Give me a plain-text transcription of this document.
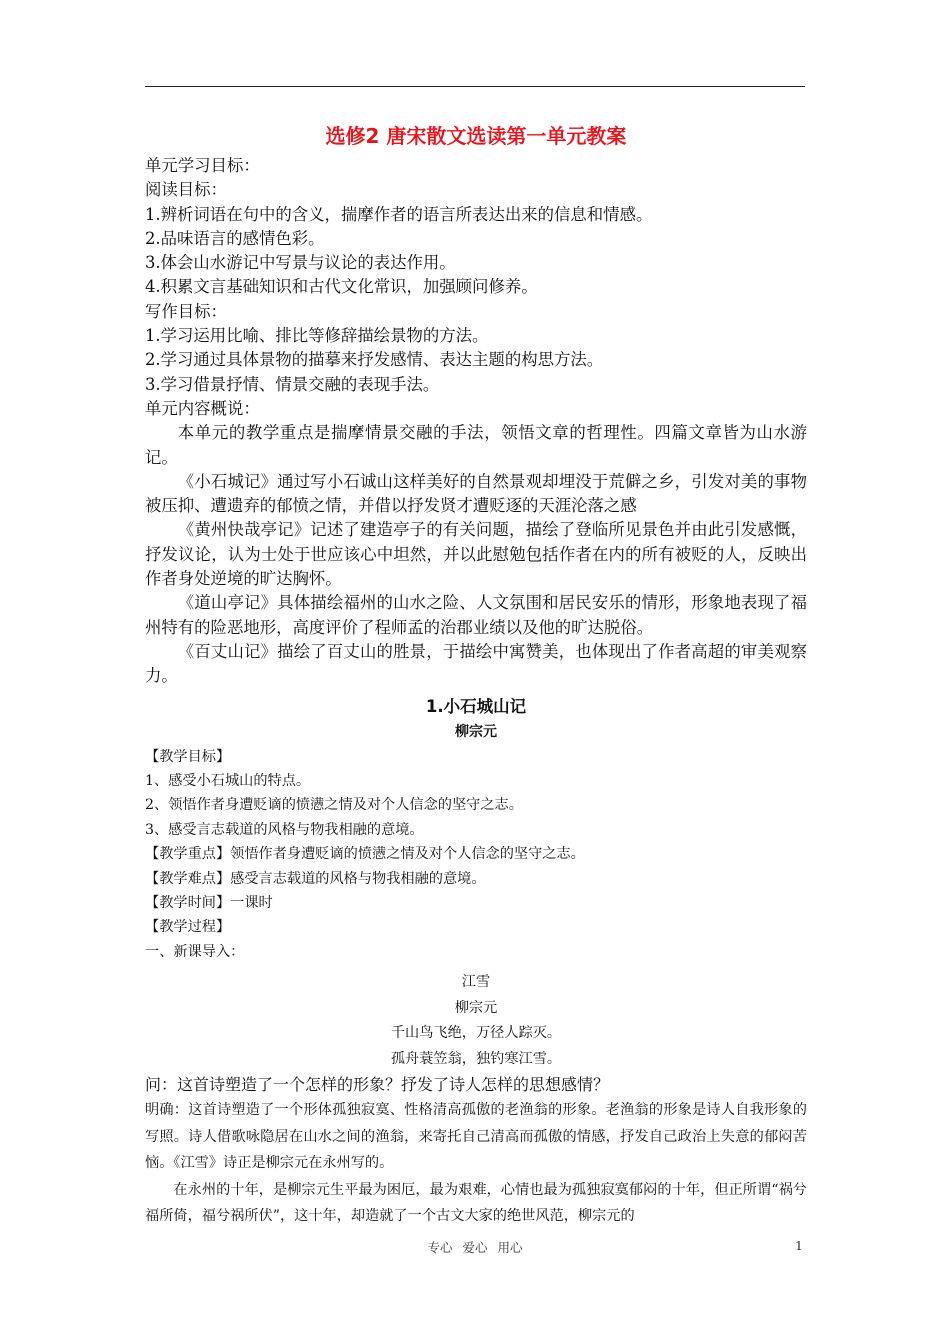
选修2 唐宋散文选读第一单元教案

单元学习目标：

阅读目标：

1.辨析词语在句中的含义，揣摩作者的语言所表达出来的信息和情感。

2.品味语言的感情色彩。

3.体会山水游记中写景与议论的表达作用。

4.积累文言基础知识和古代文化常识，加强顾问修养。

写作目标：

1.学习运用比喻、排比等修辞描绘景物的方法。

2.学习通过具体景物的描摹来抒发感情、表达主题的构思方法。

3.学习借景抒情、情景交融的表现手法。

单元内容概说：

本单元的教学重点是揣摩情景交融的手法，领悟文章的哲理性。四篇文章皆为山水游记。

《小石城记》通过写小石诚山这样美好的自然景观却埋没于荒僻之乡，引发对美的事物被压抑、遭遗弃的郁愤之情，并借以抒发贤才遭贬逐的天涯沦落之感

《黄州快哉亭记》记述了建造亭子的有关问题，描绘了登临所见景色并由此引发感慨，抒发议论，认为士处于世应该心中坦然，并以此慰勉包括作者在内的所有被贬的人，反映出作者身处逆境的旷达胸怀。

《道山亭记》具体描绘福州的山水之险、人文氛围和居民安乐的情形，形象地表现了福州特有的险恶地形，高度评价了程师孟的治郡业绩以及他的旷达脱俗。

《百丈山记》描绘了百丈山的胜景，于描绘中寓赞美，也体现出了作者高超的审美观察力。

1.小石城山记
柳宗元

【教学目标】

1、感受小石城山的特点。

2、领悟作者身遭贬谪的愤懑之情及对个人信念的坚守之志。

3、感受言志载道的风格与物我相融的意境。

【教学重点】领悟作者身遭贬谪的愤懑之情及对个人信念的坚守之志。

【教学难点】感受言志载道的风格与物我相融的意境。

【教学时间】一课时

【教学过程】

一、新课导入：

江雪

柳宗元

千山鸟飞绝，万径人踪灭。

孤舟蓑笠翁，独钓寒江雪。

问：这首诗塑造了一个怎样的形象？抒发了诗人怎样的思想感情？

明确：这首诗塑造了一个形体孤独寂寞、性格清高孤傲的老渔翁的形象。老渔翁的形象是诗人自我形象的写照。诗人借歌咏隐居在山水之间的渔翁，来寄托自己清高而孤傲的情感，抒发自己政治上失意的郁闷苦恼。《江雪》诗正是柳宗元在永州写的。

在永州的十年，是柳宗元生平最为困厄，最为艰难，心情也最为孤独寂寞郁闷的十年，但正所谓“祸兮福所倚，福兮祸所伏”，这十年，却造就了一个古文大家的绝世风范，柳宗元的

专心 爱心 用心	1
